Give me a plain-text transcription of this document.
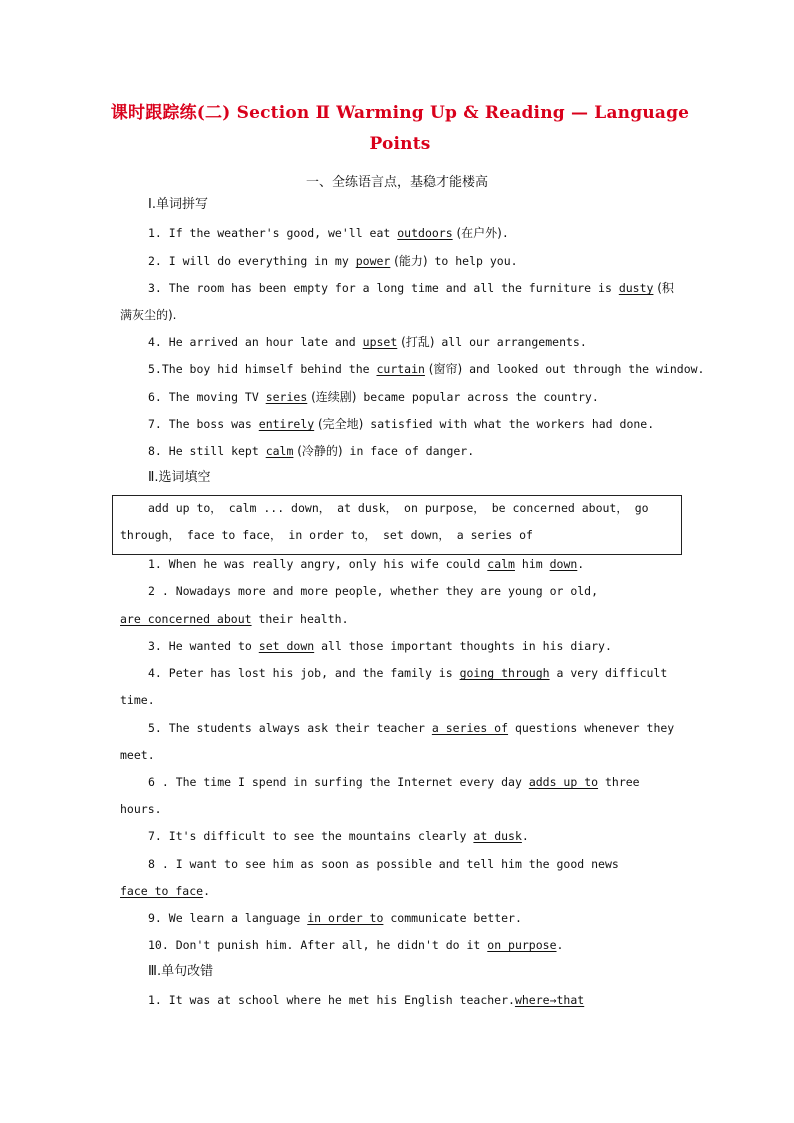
课时跟踪练(二) Section Ⅱ Warming Up & Reading — Language
Points
一、全练语言点，基稳才能楼高
Ⅰ.单词拼写
1. If the weather's good, we'll eat outdoors (在户外).
2. I will do everything in my power (能力) to help you.
3. The room has been empty for a long time and all the furniture is dusty (积
满灰尘的).
4. He arrived an hour late and upset (打乱) all our arrangements.
5.The boy hid himself behind the curtain (窗帘) and looked out through the window.
6. The moving TV series (连续剧) became popular across the country.
7. The boss was entirely (完全地) satisfied with what the workers had done.
8. He still kept calm (冷静的) in face of danger.
Ⅱ.选词填空
add up to， calm ... down， at dusk， on purpose， be concerned about， go
through， face to face， in order to， set down， a series of
1. When he was really angry, only his wife could calm him down.
2 . Nowadays more and more people, whether they are young or old,
are concerned about their health.
3. He wanted to set down all those important thoughts in his diary.
4. Peter has lost his job, and the family is going through a very difficult
time.
5. The students always ask their teacher a series of questions whenever they
meet.
6 . The time I spend in surfing the Internet every day adds up to three
hours.
7. It's difficult to see the mountains clearly at dusk.
8 . I want to see him as soon as possible and tell him the good news
face to face.
9. We learn a language in order to communicate better.
10. Don't punish him. After all, he didn't do it on purpose.
Ⅲ.单句改错
1. It was at school where he met his English teacher.where→that
